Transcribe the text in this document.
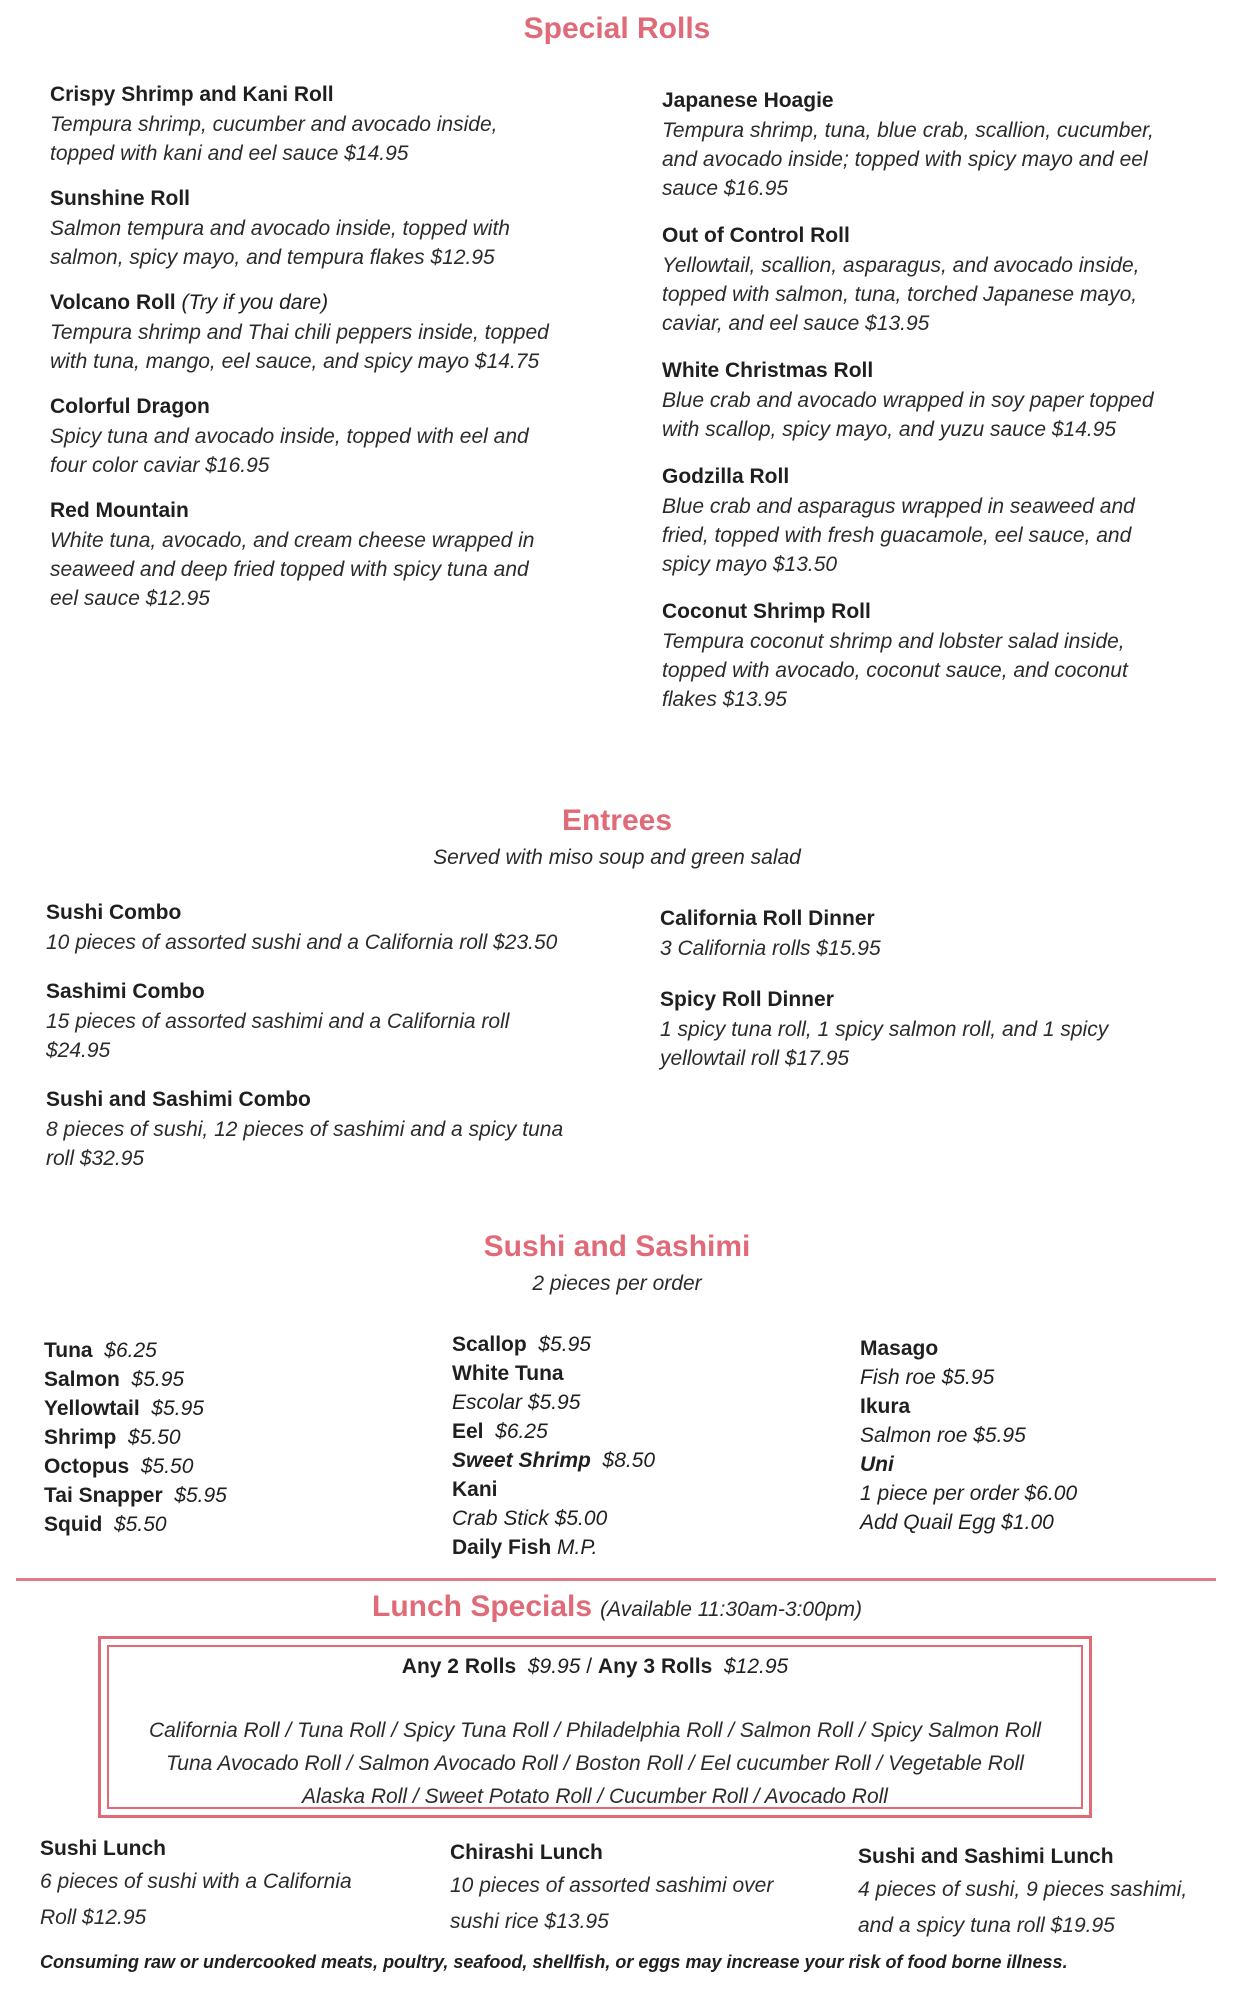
Special Rolls
Crispy Shrimp and Kani Roll
Tempura shrimp, cucumber and avocado inside,
topped with kani and eel sauce $14.95
Sunshine Roll
Salmon tempura and avocado inside, topped with
salmon, spicy mayo, and tempura flakes $12.95
Volcano Roll (Try if you dare)
Tempura shrimp and Thai chili peppers inside, topped
with tuna, mango, eel sauce, and spicy mayo $14.75
Colorful Dragon
Spicy tuna and avocado inside, topped with eel and
four color caviar $16.95
Red Mountain
White tuna, avocado, and cream cheese wrapped in
seaweed and deep fried topped with spicy tuna and
eel sauce $12.95
Japanese Hoagie
Tempura shrimp, tuna, blue crab, scallion, cucumber,
and avocado inside; topped with spicy mayo and eel
sauce $16.95
Out of Control Roll
Yellowtail, scallion, asparagus, and avocado inside,
topped with salmon, tuna, torched Japanese mayo,
caviar, and eel sauce $13.95
White Christmas Roll
Blue crab and avocado wrapped in soy paper topped
with scallop, spicy mayo, and yuzu sauce $14.95
Godzilla Roll
Blue crab and asparagus wrapped in seaweed and
fried, topped with fresh guacamole, eel sauce, and
spicy mayo $13.50
Coconut Shrimp Roll
Tempura coconut shrimp and lobster salad inside,
topped with avocado, coconut sauce, and coconut
flakes $13.95
Entrees
Served with miso soup and green salad
Sushi Combo
10 pieces of assorted sushi and a California roll $23.50
Sashimi Combo
15 pieces of assorted sashimi and a California roll
$24.95
Sushi and Sashimi Combo
8 pieces of sushi, 12 pieces of sashimi and a spicy tuna
roll $32.95
California Roll Dinner
3 California rolls $15.95
Spicy Roll Dinner
1 spicy tuna roll, 1 spicy salmon roll, and 1 spicy
yellowtail roll $17.95
Sushi and Sashimi
2 pieces per order
Tuna $6.25
Salmon $5.95
Yellowtail $5.95
Shrimp $5.50
Octopus $5.50
Tai Snapper $5.95
Squid $5.50
Scallop $5.95
White Tuna
Escolar $5.95
Eel $6.25
Sweet Shrimp $8.50
Kani
Crab Stick $5.00
Daily Fish M.P.
Masago
Fish roe $5.95
Ikura
Salmon roe $5.95
Uni
1 piece per order $6.00
Add Quail Egg $1.00
Lunch Specials (Available 11:30am-3:00pm)
Any 2 Rolls $9.95 / Any 3 Rolls $12.95
California Roll / Tuna Roll / Spicy Tuna Roll / Philadelphia Roll / Salmon Roll / Spicy Salmon Roll
Tuna Avocado Roll / Salmon Avocado Roll / Boston Roll / Eel cucumber Roll / Vegetable Roll
Alaska Roll / Sweet Potato Roll / Cucumber Roll / Avocado Roll
Sushi Lunch
6 pieces of sushi with a California
Roll $12.95
Chirashi Lunch
10 pieces of assorted sashimi over
sushi rice $13.95
Sushi and Sashimi Lunch
4 pieces of sushi, 9 pieces sashimi,
and a spicy tuna roll $19.95
Consuming raw or undercooked meats, poultry, seafood, shellfish, or eggs may increase your risk of food borne illness.
